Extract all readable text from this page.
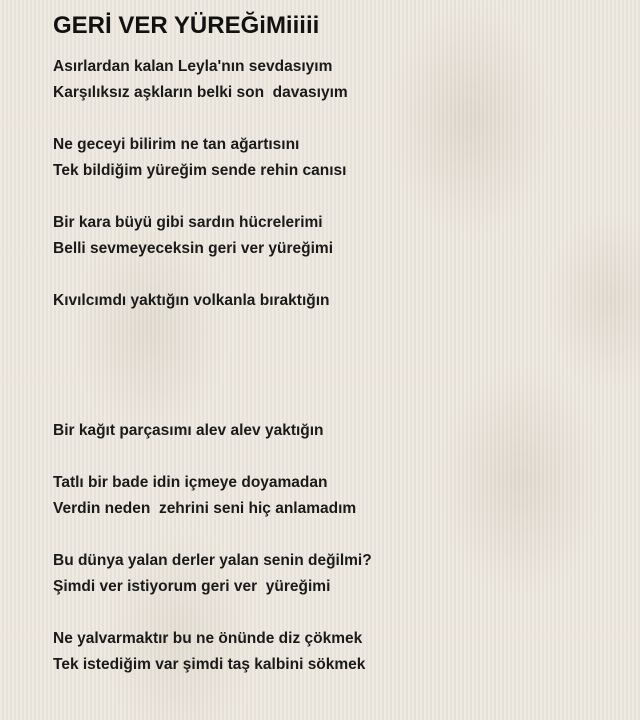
GERİ VER YÜREĞiMiiiii
Asırlardan kalan Leyla'nın sevdasıyım
Karşılıksız aşkların belki son  davasıyım
Ne geceyi bilirim ne tan ağartısını
Tek bildiğim yüreğim sende rehin canısı
Bir kara büyü gibi sardın hücrelerimi
Belli sevmeyeceksin geri ver yüreğimi
Kıvılcımdı yaktığın volkanla bıraktığın
Bir kağıt parçasımı alev alev yaktığın
Tatlı bir bade idin içmeye doyamadan
Verdin neden  zehrini seni hiç anlamadım
Bu dünya yalan derler yalan senin değilmi?
Şimdi ver istiyorum geri ver  yüreğimi
Ne yalvarmaktır bu ne önünde diz çökmek
Tek istediğim var şimdi taş kalbini sökmek
